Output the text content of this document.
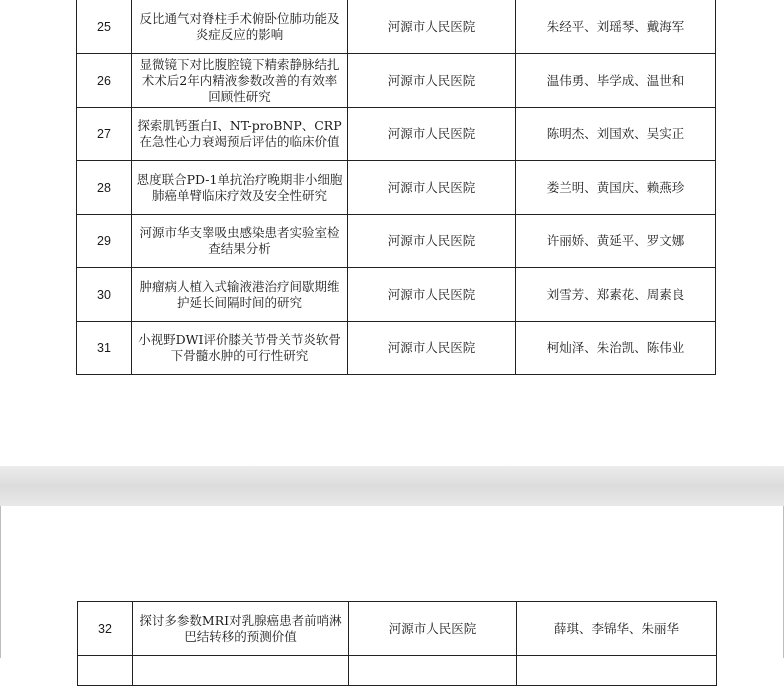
25	反比通气对脊柱手术俯卧位肺功能及炎症反应的影响	河源市人民医院	朱经平、刘瑶琴、戴海军
26	显微镜下对比腹腔镜下精索静脉结扎术术后2年内精液参数改善的有效率回顾性研究	河源市人民医院	温伟勇、毕学成、温世和
27	探索肌钙蛋白I、NT-proBNP、CRP在急性心力衰竭预后评估的临床价值	河源市人民医院	陈明杰、刘国欢、吴实正
28	恩度联合PD-1单抗治疗晚期非小细胞肺癌单臂临床疗效及安全性研究	河源市人民医院	娄兰明、黄国庆、赖燕珍
29	河源市华支睾吸虫感染患者实验室检查结果分析	河源市人民医院	许丽娇、黄延平、罗文娜
30	肿瘤病人植入式输液港治疗间歇期维护延长间隔时间的研究	河源市人民医院	刘雪芳、郑素花、周素良
31	小视野DWI评价膝关节骨关节炎软骨下骨髓水肿的可行性研究	河源市人民医院	柯灿泽、朱治凯、陈伟业
32	探讨多参数MRI对乳腺癌患者前哨淋巴结转移的预测价值	河源市人民医院	薛琪、李锦华、朱丽华
